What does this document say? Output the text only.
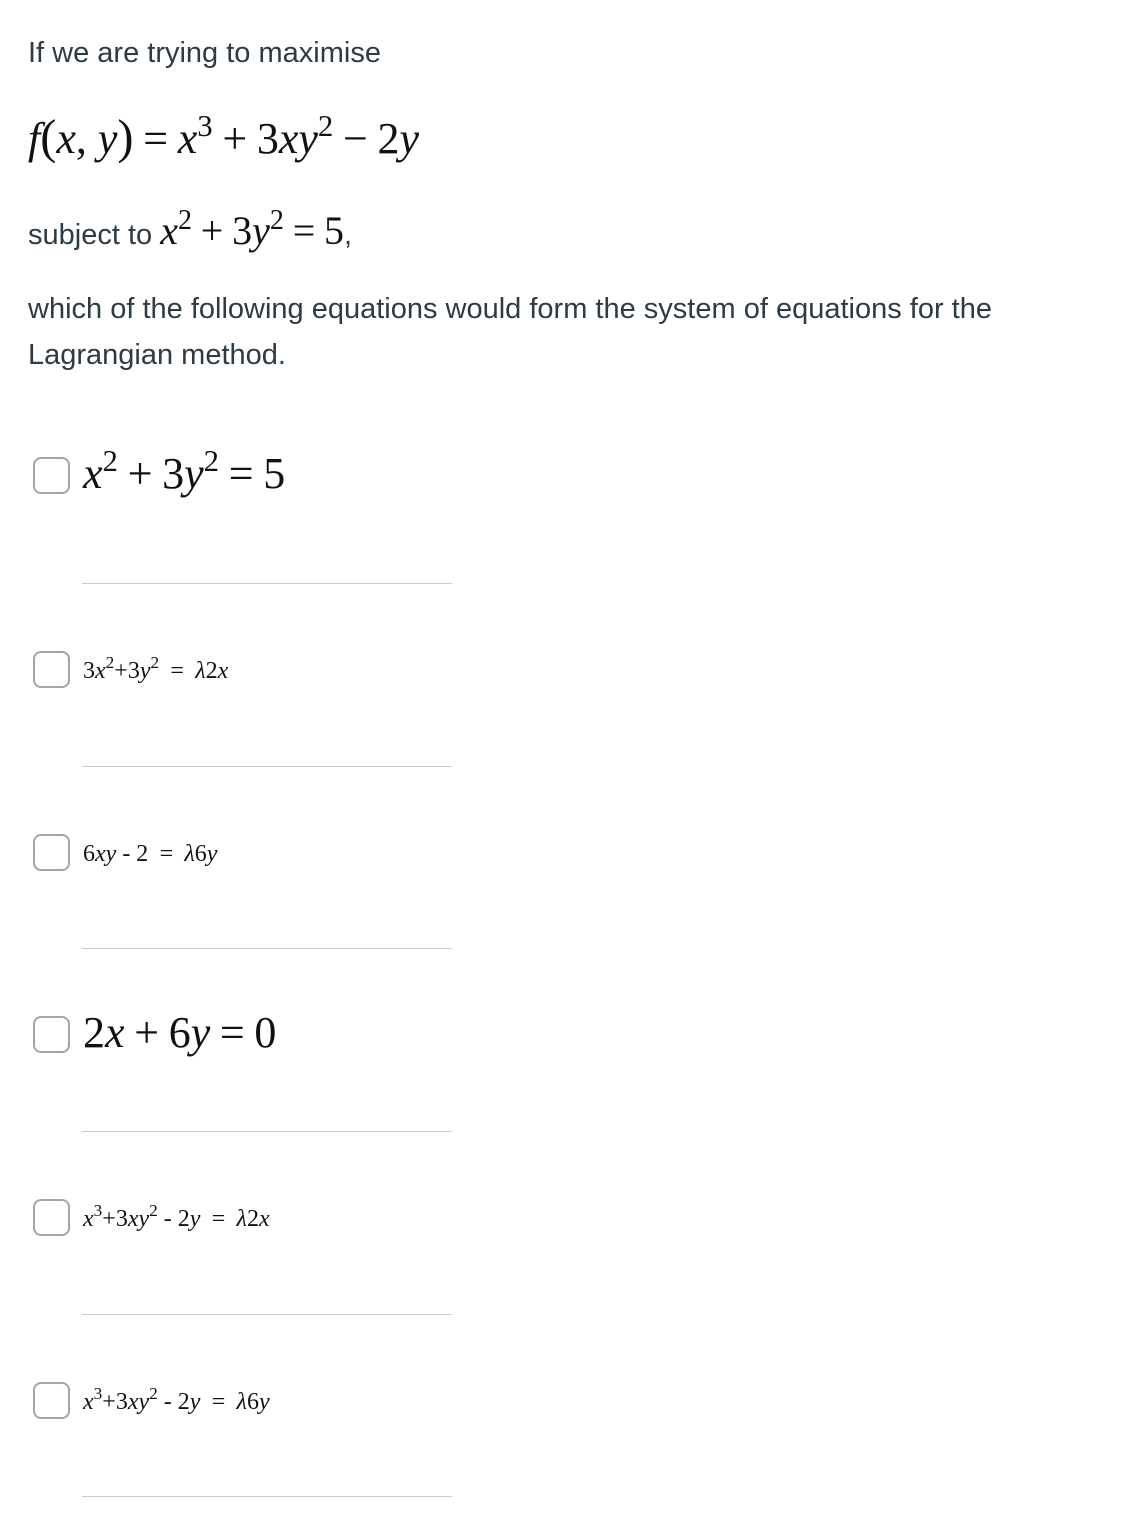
If we are trying to maximise
f(x, $y) = x^3 + 3xy^2 - 2y$
subject to $x^2 + 3y^2 = 5$,
which of the following equations would form the system of equations for the Lagrangian method.
$x^2 + 3y^2 = 5$
$3x^2+3y^2 = \lambda 2x$
6xy - 2 = λ6y
2x + 6y = 0
$x^3+3xy^2 - 2y = \lambda 2x$
$x^3+3xy^2 - 2y = \lambda 6y$
